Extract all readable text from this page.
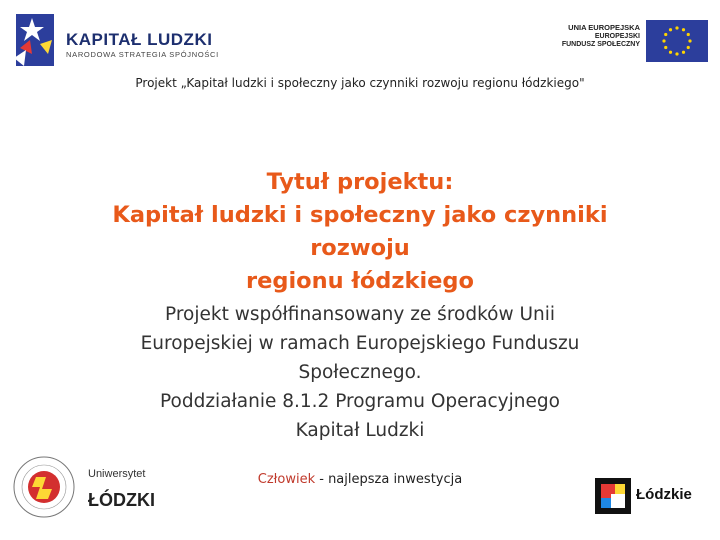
KAPITAŁ LUDZKI
NARODOWA STRATEGIA SPÓJNOŚCI
UNIA EUROPEJSKA
EUROPEJSKI
FUNDUSZ SPOŁECZNY
Projekt „Kapitał ludzki i społeczny jako czynniki rozwoju regionu łódzkiego"
Tytuł projektu:
Kapitał ludzki i społeczny jako czynniki rozwoju
regionu łódzkiego
Projekt współfinansowany ze środków Unii
Europejskiej w ramach Europejskiego Funduszu
Społecznego.
Poddziałanie 8.1.2 Programu Operacyjnego
Kapitał Ludzki
Uniwersytet
ŁÓDZKI
Człowiek - najlepsza inwestycja
Łódzkie
